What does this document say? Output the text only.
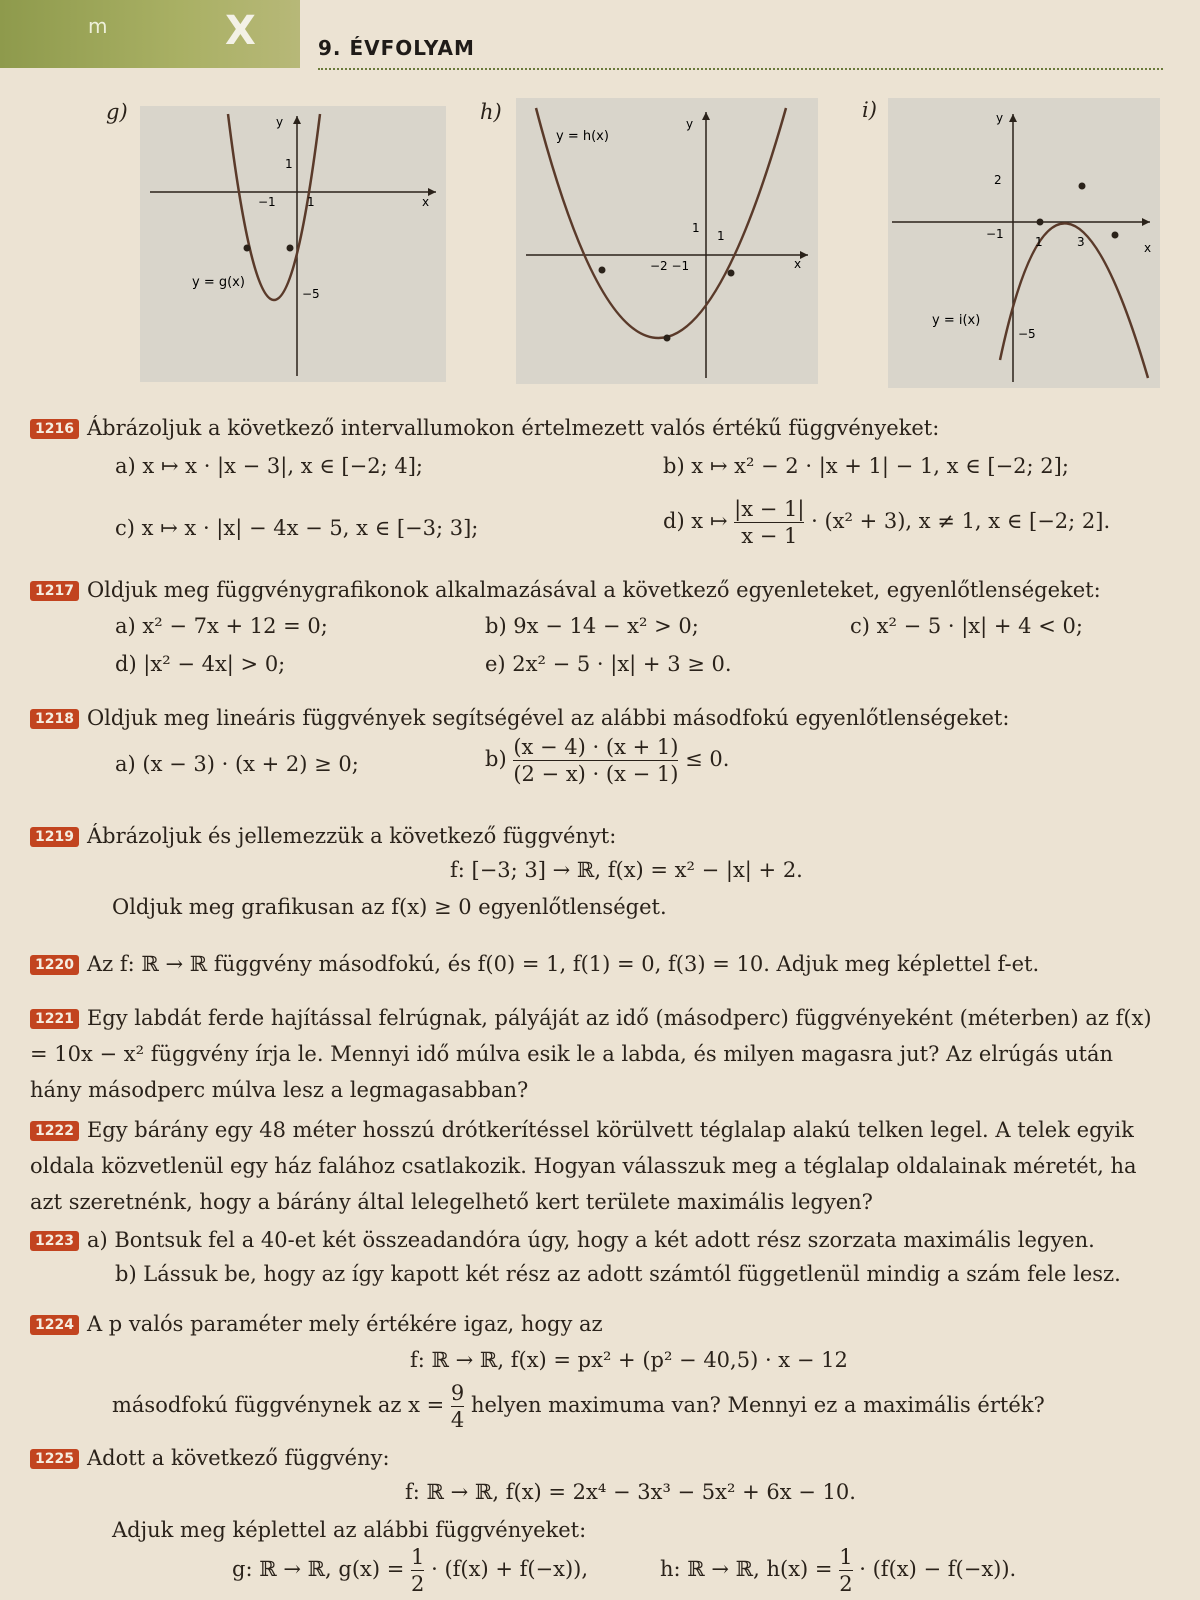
m	X	9. ÉVFOLYAM
g)	y
x
1
−1	1
−5
y = g(x)
h)	y
x
1
−2 −1
1
y = h(x)
i)	y
x
2
−1
1	3
−5
y = i(x)
1216 Ábrázoljuk a következő intervallumokon értelmezett valós értékű függvényeket:
a) x ↦ x · |x − 3|, x ∈ [−2; 4];	b) x ↦ x² − 2 · |x + 1| − 1, x ∈ [−2; 2];
c) x ↦ x · |x| − 4x − 5, x ∈ [−3; 3];	d) x ↦ $\frac{|x - 1|}{x - 1} \cdot (x^2 + 3)$, x ≠ 1, x ∈ [−2; 2].
1217 Oldjuk meg függvénygrafikonok alkalmazásával a következő egyenleteket, egyenlőtlenségeket:
a) x² − 7x + 12 = 0;	b) 9x − 14 − x² > 0;	c) x² − 5 · |x| + 4 < 0;
d) |x² − 4x| > 0;	e) 2x² − 5 · |x| + 3 ≥ 0.
1218 Oldjuk meg lineáris függvények segítségével az alábbi másodfokú egyenlőtlenségeket:
a) (x − 3) · (x + 2) ≥ 0;	$b) \frac{(x - 4) \cdot (x + 1)}{(2 - x) \cdot (x - 1)} \le 0$.
1219 Ábrázoljuk és jellemezzük a következő függvényt:
f: [−3; 3] → ℝ, f(x) = x² − |x| + 2.
Oldjuk meg grafikusan az f(x) ≥ 0 egyenlőtlenséget.
1220 Az f: ℝ → ℝ függvény másodfokú, és f(0) = 1, f(1) = 0, f(3) = 10. Adjuk meg képlettel f-et.
1221 Egy labdát ferde hajítással felrúgnak, pályáját az idő (másodperc) függvényeként (méterben) az f(x) = 10x − x² függvény írja le. Mennyi idő múlva esik le a labda, és milyen magasra jut? Az elrúgás után hány másodperc múlva lesz a legmagasabban?
1222 Egy bárány egy 48 méter hosszú drótkerítéssel körülvett téglalap alakú telken legel. A telek egyik oldala közvetlenül egy ház falához csatlakozik. Hogyan válasszuk meg a téglalap oldalainak méretét, ha azt szeretnénk, hogy a bárány által lelegelhető kert területe maximális legyen?
1223 a) Bontsuk fel a 40-et két összeadandóra úgy, hogy a két adott rész szorzata maximális legyen.
b) Lássuk be, hogy az így kapott két rész az adott számtól függetlenül mindig a szám fele lesz.
1224 A p valós paraméter mely értékére igaz, hogy az
f: ℝ → ℝ, f(x) = px² + (p² − 40,5) · x − 12
másodfokú függvénynek az $x = \frac{9}{4}$ helyen maximuma van? Mennyi ez a maximális érték?
1225 Adott a következő függvény:
f: ℝ → ℝ, f(x) = 2x⁴ − 3x³ − 5x² + 6x − 10.
Adjuk meg képlettel az alábbi függvényeket:
g: ℝ → ℝ, $g(x) = \frac{1}{2} \cdot (f(x) + f(-x))$,	h: ℝ → ℝ, $h(x) = \frac{1}{2} \cdot (f(x) - f(-x))$.
